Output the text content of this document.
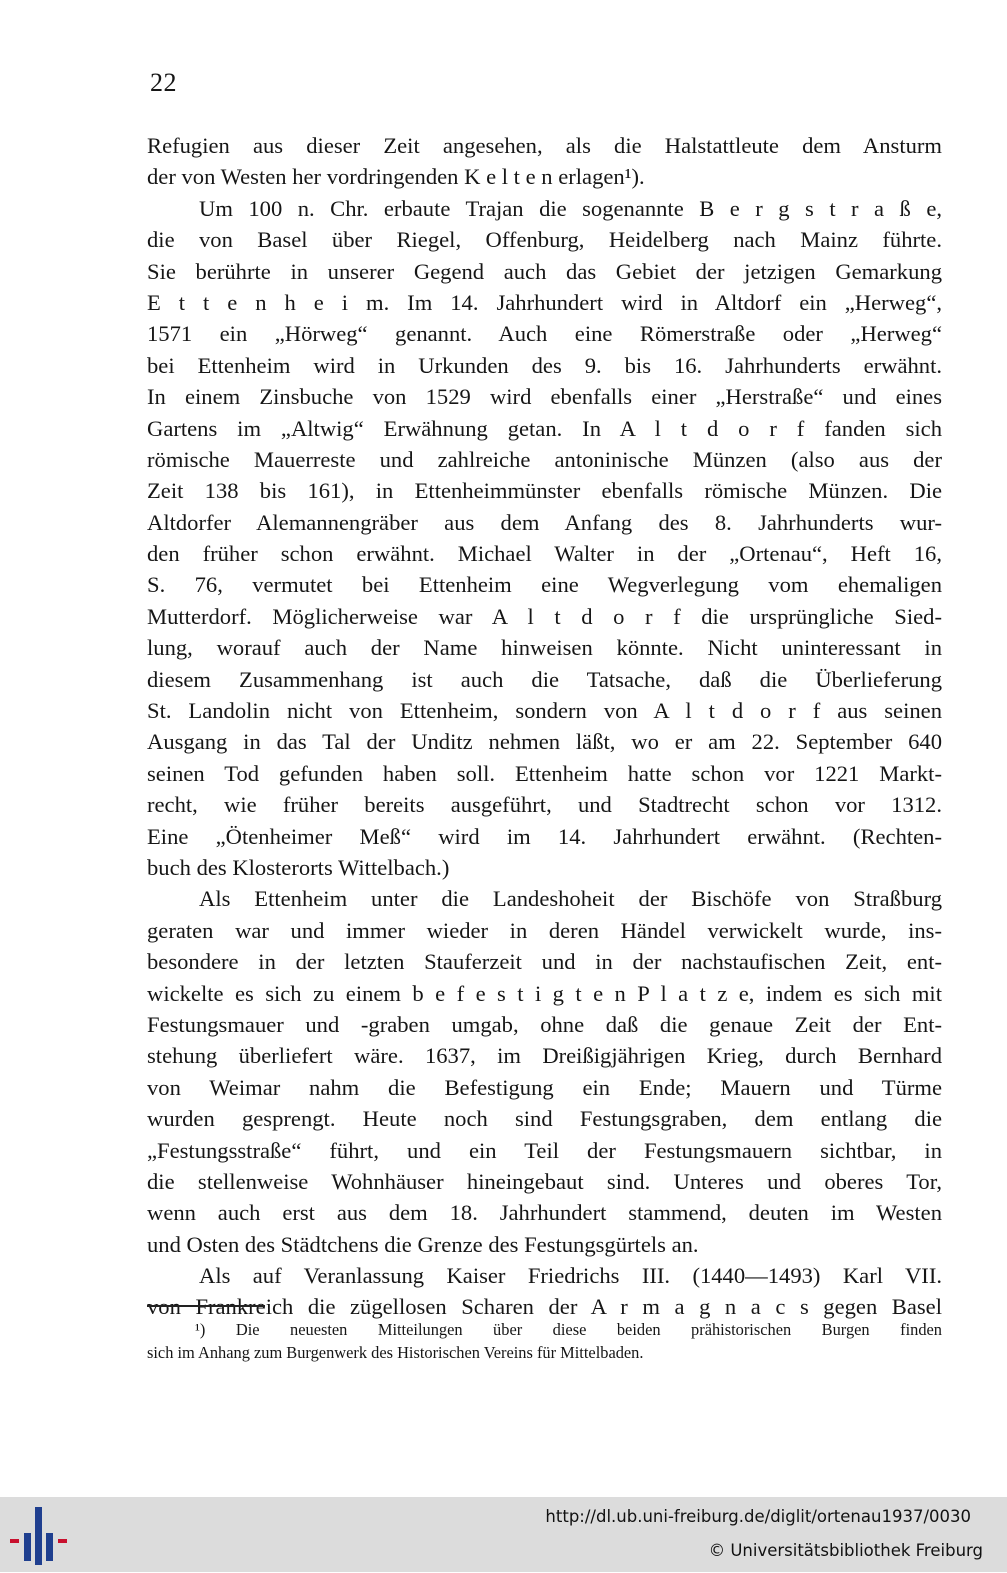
22
Refugien aus dieser Zeit angesehen, als die Halstattleute dem Ansturm
der von Westen her vordringenden K e l t e n erlagen¹).
Um 100 n. Chr. erbaute Trajan die sogenannte B e r g s t r a ß e,
die von Basel über Riegel, Offenburg, Heidelberg nach Mainz führte.
Sie berührte in unserer Gegend auch das Gebiet der jetzigen Gemarkung
E t t e n h e i m. Im 14. Jahrhundert wird in Altdorf ein „Herweg“,
1571 ein „Hörweg“ genannt. Auch eine Römerstraße oder „Herweg“
bei Ettenheim wird in Urkunden des 9. bis 16. Jahrhunderts erwähnt.
In einem Zinsbuche von 1529 wird ebenfalls einer „Herstraße“ und eines
Gartens im „Altwig“ Erwähnung getan. In A l t d o r f fanden sich
römische Mauerreste und zahlreiche antoninische Münzen (also aus der
Zeit 138 bis 161), in Ettenheimmünster ebenfalls römische Münzen. Die
Altdorfer Alemannengräber aus dem Anfang des 8. Jahrhunderts wur-
den früher schon erwähnt. Michael Walter in der „Ortenau“, Heft 16,
S. 76, vermutet bei Ettenheim eine Wegverlegung vom ehemaligen
Mutterdorf. Möglicherweise war A l t d o r f die ursprüngliche Sied-
lung, worauf auch der Name hinweisen könnte. Nicht uninteressant in
diesem Zusammenhang ist auch die Tatsache, daß die Überlieferung
St. Landolin nicht von Ettenheim, sondern von A l t d o r f aus seinen
Ausgang in das Tal der Unditz nehmen läßt, wo er am 22. September 640
seinen Tod gefunden haben soll. Ettenheim hatte schon vor 1221 Markt-
recht, wie früher bereits ausgeführt, und Stadtrecht schon vor 1312.
Eine „Ötenheimer Meß“ wird im 14. Jahrhundert erwähnt. (Rechten-
buch des Klosterorts Wittelbach.)
Als Ettenheim unter die Landeshoheit der Bischöfe von Straßburg
geraten war und immer wieder in deren Händel verwickelt wurde, ins-
besondere in der letzten Stauferzeit und in der nachstaufischen Zeit, ent-
wickelte es sich zu einem b e f e s t i g t e n P l a t z e, indem es sich mit
Festungsmauer und -graben umgab, ohne daß die genaue Zeit der Ent-
stehung überliefert wäre. 1637, im Dreißigjährigen Krieg, durch Bernhard
von Weimar nahm die Befestigung ein Ende; Mauern und Türme
wurden gesprengt. Heute noch sind Festungsgraben, dem entlang die
„Festungsstraße“ führt, und ein Teil der Festungsmauern sichtbar, in
die stellenweise Wohnhäuser hineingebaut sind. Unteres und oberes Tor,
wenn auch erst aus dem 18. Jahrhundert stammend, deuten im Westen
und Osten des Städtchens die Grenze des Festungsgürtels an.
Als auf Veranlassung Kaiser Friedrichs III. (1440—1493) Karl VII.
von Frankreich die zügellosen Scharen der A r m a g n a c s gegen Basel
¹) Die neuesten Mitteilungen über diese beiden prähistorischen Burgen finden
sich im Anhang zum Burgenwerk des Historischen Vereins für Mittelbaden.
http://dl.ub.uni-freiburg.de/diglit/ortenau1937/0030
© Universitätsbibliothek Freiburg
